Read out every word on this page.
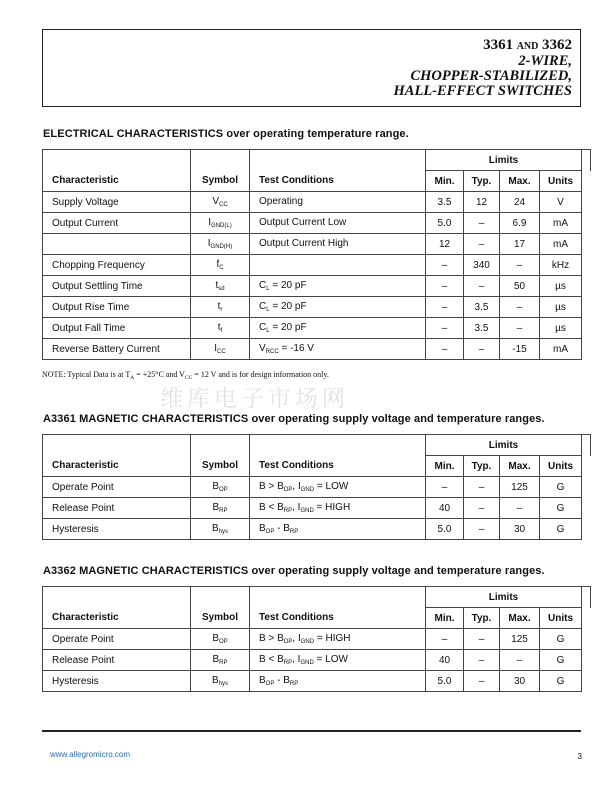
3361 AND 3362
2-WIRE,
CHOPPER-STABILIZED,
HALL-EFFECT SWITCHES
ELECTRICAL CHARACTERISTICS over operating temperature range.
			Limits				
Characteristic	Symbol	Test Conditions	Min.	Typ.	Max.	Units	
Supply Voltage	$V_{CC}$	Operating	3.5	12	24	V	
Output Current	$I_{GND(L)}$	Output Current Low	5.0	–	6.9	mA	
	$I_{GND(H)}$	Output Current High	12	–	17	mA	
Chopping Frequency	$f_C$		–	340	–	kHz	
Output Settling Time	$t_{sd}$	$C_L = 20$ pF	–	–	50	µs	
Output Rise Time	$t_r$	$C_L = 20$ pF	–	3.5	–	µs	
Output Fall Time	$t_f$	$C_L = 20$ pF	–	3.5	–	µs	
Reverse Battery Current	$I_{CC}$	$V_{RCC} = -16$ V	–	–	-15	mA	
NOTE: Typical Data is at $T_A = +25^\circ C$ and $V_{CC} = 12$ V and is for design information only.
维库电子市场网
A3361 MAGNETIC CHARACTERISTICS over operating supply voltage and temperature ranges.
			Limits				
Characteristic	Symbol	Test Conditions	Min.	Typ.	Max.	Units	
Operate Point	$B_{OP}$	$B > B_{OP}$, $I_{GND}$ = LOW	–	–	125	G	
Release Point	$B_{RP}$	$B < B_{RP}$, $I_{GND}$ = HIGH	40	–	–	G	
Hysteresis	$B_{hys}$	$B_{OP} - B_{RP}$	5.0	–	30	G	
A3362 MAGNETIC CHARACTERISTICS over operating supply voltage and temperature ranges.
			Limits				
Characteristic	Symbol	Test Conditions	Min.	Typ.	Max.	Units	
Operate Point	$B_{OP}$	$B > B_{OP}$, $I_{GND}$ = HIGH	–	–	125	G	
Release Point	$B_{RP}$	$B < B_{RP}$, $I_{GND}$ = LOW	40	–	–	G	
Hysteresis	$B_{hys}$	$B_{OP} - B_{RP}$	5.0	–	30	G	
www.allegromicro.com	3
